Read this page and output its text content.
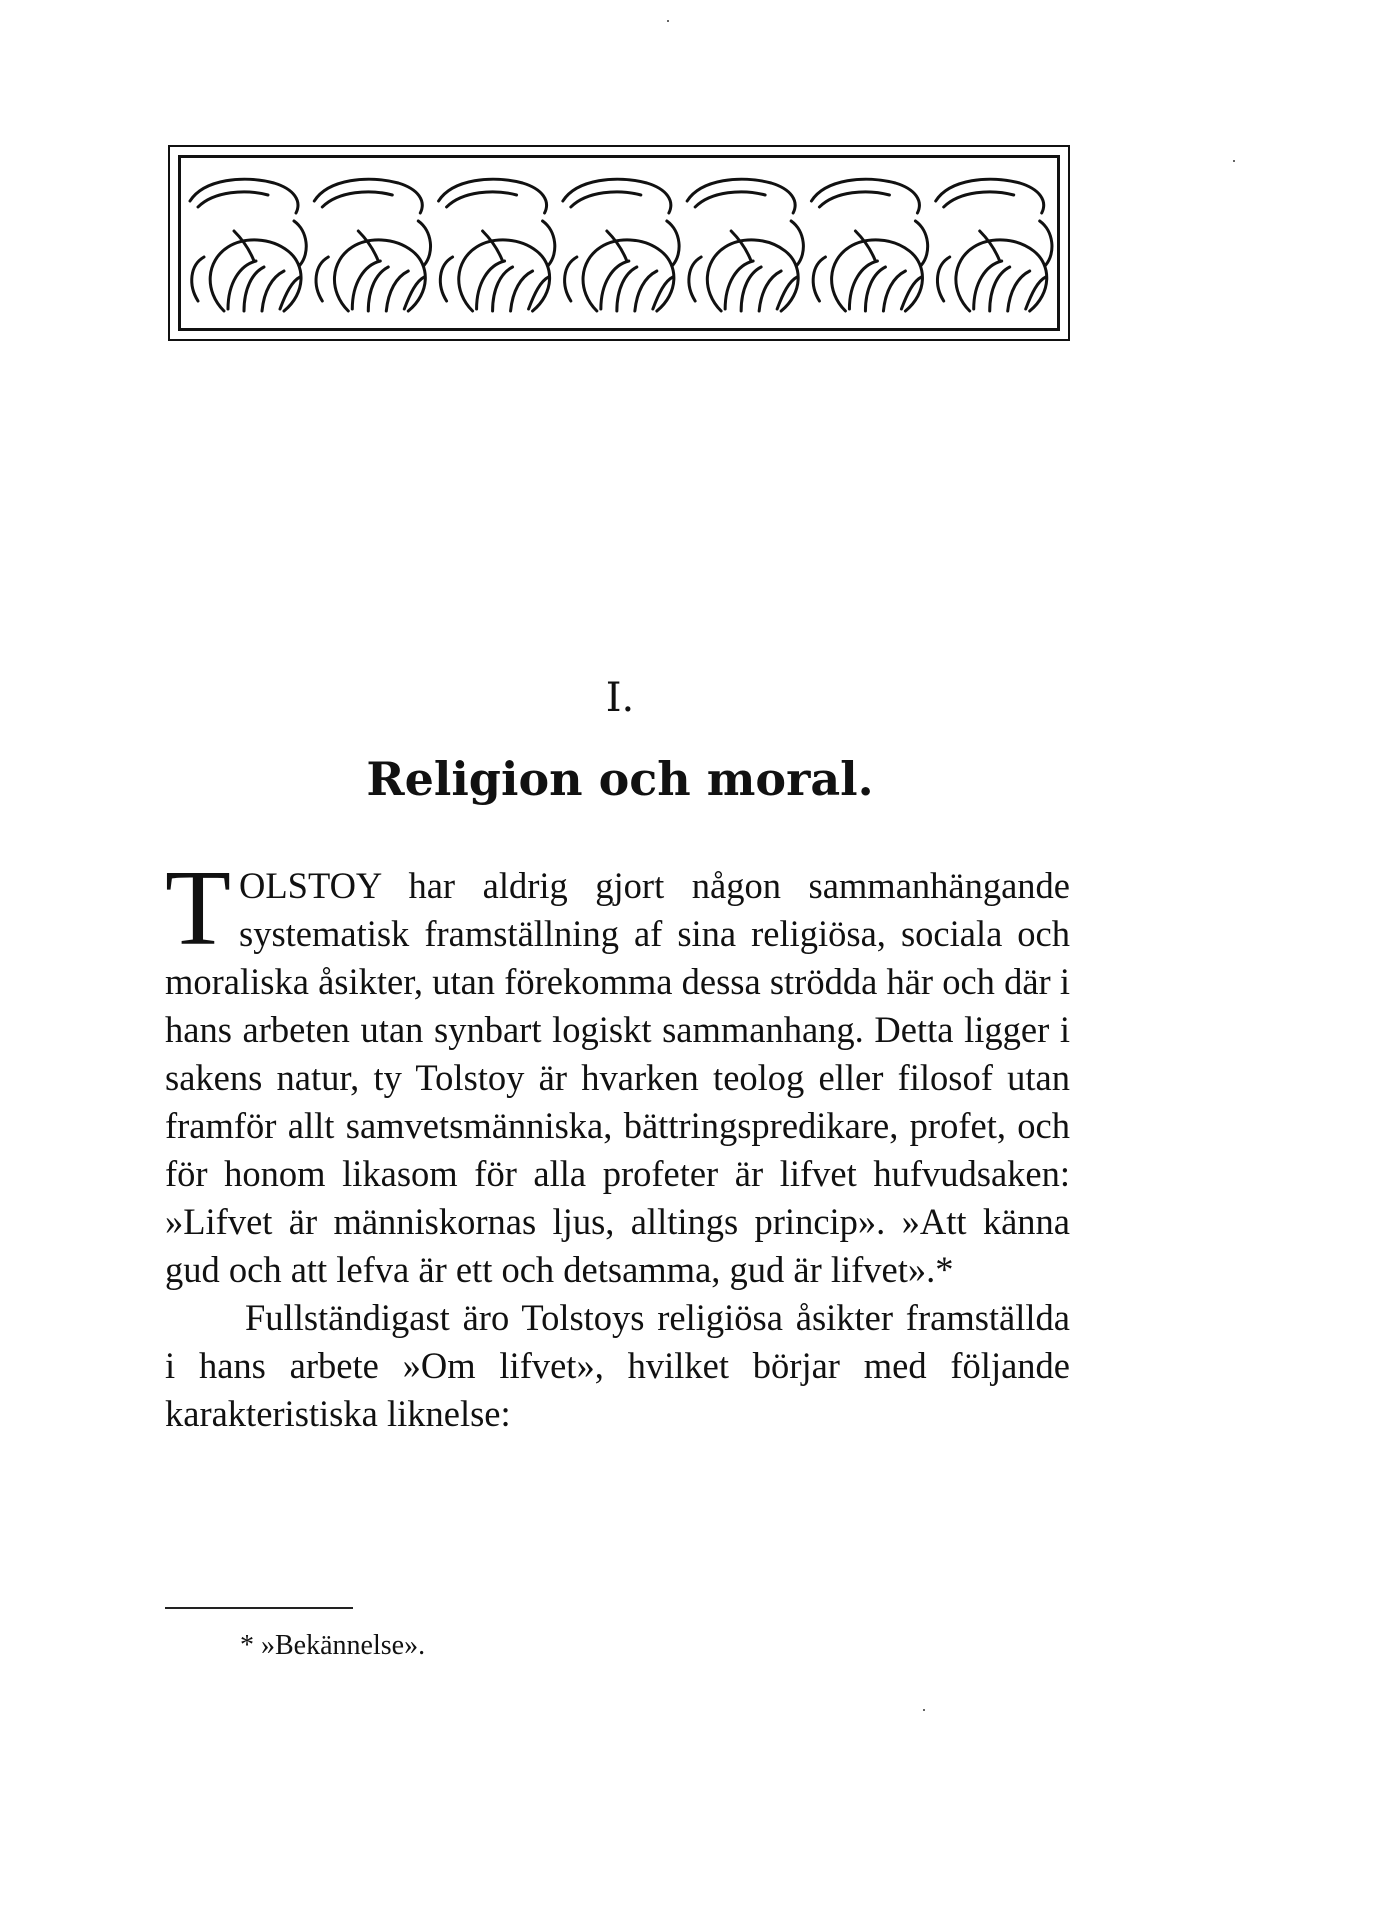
I.
Religion och moral.

TOLSTOY har aldrig gjort någon sammanhängande systematisk framställning af sina religiösa, sociala och moraliska åsikter, utan förekomma dessa strödda här och där i hans arbeten utan synbart logiskt sammanhang. Detta ligger i sakens natur, ty Tolstoy är hvarken teolog eller filosof utan framför allt samvetsmänniska, bättringspredikare, profet, och för honom likasom för alla profeter är lifvet hufvudsaken: »Lifvet är människornas ljus, alltings princip». »Att känna gud och att lefva är ett och detsamma, gud är lifvet».*

Fullständigast äro Tolstoys religiösa åsikter framställda i hans arbete »Om lifvet», hvilket börjar med följande karakteristiska liknelse:

* »Bekännelse».
